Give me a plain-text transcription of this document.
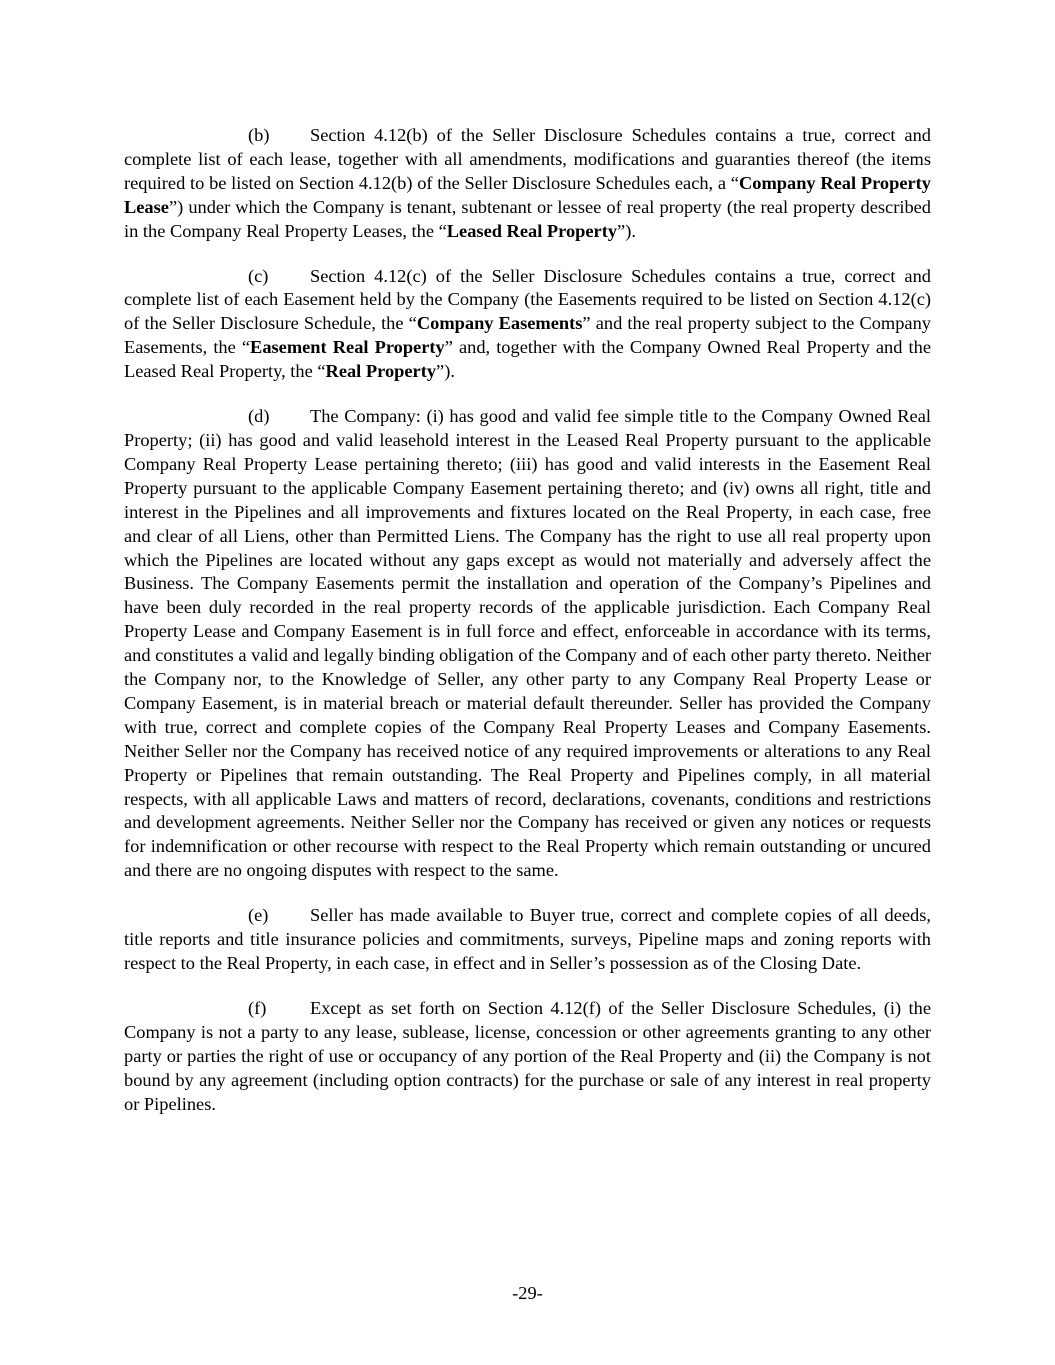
(b) Section 4.12(b) of the Seller Disclosure Schedules contains a true, correct and complete list of each lease, together with all amendments, modifications and guaranties thereof (the items required to be listed on Section 4.12(b) of the Seller Disclosure Schedules each, a “Company Real Property Lease”) under which the Company is tenant, subtenant or lessee of real property (the real property described in the Company Real Property Leases, the “Leased Real Property”).

(c) Section 4.12(c) of the Seller Disclosure Schedules contains a true, correct and complete list of each Easement held by the Company (the Easements required to be listed on Section 4.12(c) of the Seller Disclosure Schedule, the “Company Easements” and the real property subject to the Company Easements, the “Easement Real Property” and, together with the Company Owned Real Property and the Leased Real Property, the “Real Property”).

(d) The Company: (i) has good and valid fee simple title to the Company Owned Real Property; (ii) has good and valid leasehold interest in the Leased Real Property pursuant to the applicable Company Real Property Lease pertaining thereto; (iii) has good and valid interests in the Easement Real Property pursuant to the applicable Company Easement pertaining thereto; and (iv) owns all right, title and interest in the Pipelines and all improvements and fixtures located on the Real Property, in each case, free and clear of all Liens, other than Permitted Liens. The Company has the right to use all real property upon which the Pipelines are located without any gaps except as would not materially and adversely affect the Business. The Company Easements permit the installation and operation of the Company’s Pipelines and have been duly recorded in the real property records of the applicable jurisdiction. Each Company Real Property Lease and Company Easement is in full force and effect, enforceable in accordance with its terms, and constitutes a valid and legally binding obligation of the Company and of each other party thereto. Neither the Company nor, to the Knowledge of Seller, any other party to any Company Real Property Lease or Company Easement, is in material breach or material default thereunder. Seller has provided the Company with true, correct and complete copies of the Company Real Property Leases and Company Easements. Neither Seller nor the Company has received notice of any required improvements or alterations to any Real Property or Pipelines that remain outstanding. The Real Property and Pipelines comply, in all material respects, with all applicable Laws and matters of record, declarations, covenants, conditions and restrictions and development agreements. Neither Seller nor the Company has received or given any notices or requests for indemnification or other recourse with respect to the Real Property which remain outstanding or uncured and there are no ongoing disputes with respect to the same.

(e) Seller has made available to Buyer true, correct and complete copies of all deeds, title reports and title insurance policies and commitments, surveys, Pipeline maps and zoning reports with respect to the Real Property, in each case, in effect and in Seller’s possession as of the Closing Date.

(f) Except as set forth on Section 4.12(f) of the Seller Disclosure Schedules, (i) the Company is not a party to any lease, sublease, license, concession or other agreements granting to any other party or parties the right of use or occupancy of any portion of the Real Property and (ii) the Company is not bound by any agreement (including option contracts) for the purchase or sale of any interest in real property or Pipelines.

-29-
